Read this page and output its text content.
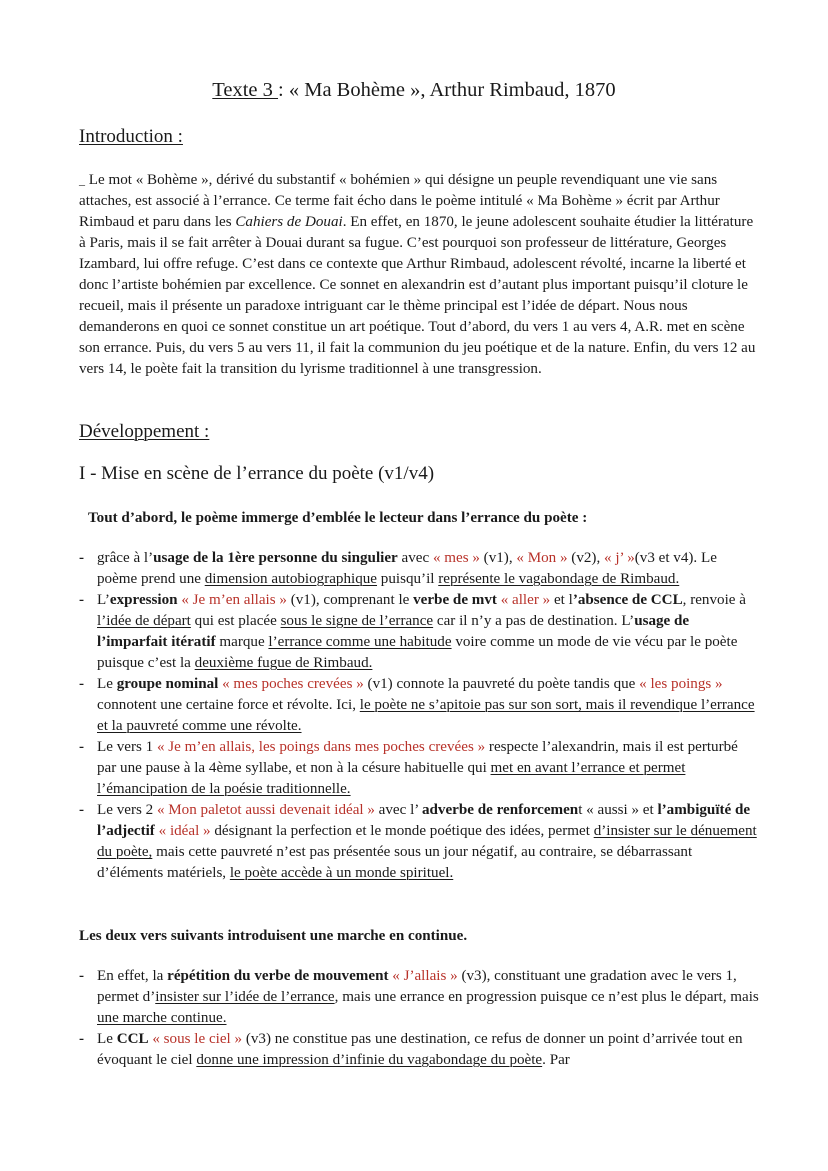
Texte 3 : « Ma Bohème », Arthur Rimbaud, 1870
Introduction :
_ Le mot « Bohème », dérivé du substantif « bohémien » qui désigne un peuple revendiquant une vie sans attaches, est associé à l’errance. Ce terme fait écho dans le poème intitulé « Ma Bohème » écrit par Arthur Rimbaud et paru dans les Cahiers de Douai. En effet, en 1870, le jeune adolescent souhaite étudier la littérature à Paris, mais il se fait arrêter à Douai durant sa fugue. C’est pourquoi son professeur de littérature, Georges Izambard, lui offre refuge. C’est dans ce contexte que Arthur Rimbaud, adolescent révolté, incarne la liberté et donc l’artiste bohémien par excellence. Ce sonnet en alexandrin est d’autant plus important puisqu’il cloture le recueil, mais il présente un paradoxe intriguant car le thème principal est l’idée de départ. Nous nous demanderons en quoi ce sonnet constitue un art poétique. Tout d’abord, du vers 1 au vers 4, A.R. met en scène son errance. Puis, du vers 5 au vers 11, il fait la communion du jeu poétique et de la nature. Enfin, du vers 12 au vers 14, le poète fait la transition du lyrisme traditionnel à une transgression.
Développement :
I - Mise en scène de l’errance du poète (v1/v4)
Tout d’abord, le poème immerge d’emblée le lecteur dans l’errance du poète :
- grâce à l’usage de la 1ère personne du singulier avec « mes » (v1), « Mon » (v2), « j’ »(v3 et v4). Le poème prend une dimension autobiographique puisqu’il représente le vagabondage de Rimbaud.
- L’expression « Je m’en allais » (v1), comprenant le verbe de mvt « aller » et l’absence de CCL, renvoie à l’idée de départ qui est placée sous le signe de l’errance car il n’y a pas de destination. L’usage de l’imparfait itératif marque l’errance comme une habitude voire comme un mode de vie vécu par le poète puisque c’est la deuxième fugue de Rimbaud.
- Le groupe nominal « mes poches crevées » (v1) connote la pauvreté du poète tandis que « les poings » connotent une certaine force et révolte. Ici, le poète ne s’apitoie pas sur son sort, mais il revendique l’errance et la pauvreté comme une révolte.
- Le vers 1 « Je m’en allais, les poings dans mes poches crevées » respecte l’alexandrin, mais il est perturbé par une pause à la 4ème syllabe, et non à la césure habituelle qui met en avant l’errance et permet l’émancipation de la poésie traditionnelle.
- Le vers 2 « Mon paletot aussi devenait idéal » avec l’ adverbe de renforcement « aussi » et l’ambiguïté de l’adjectif « idéal » désignant la perfection et le monde poétique des idées, permet d’insister sur le dénuement du poète, mais cette pauvreté n’est pas présentée sous un jour négatif, au contraire, se débarrassant d’éléments matériels, le poète accède à un monde spirituel.
Les deux vers suivants introduisent une marche en continue.
- En effet, la répétition du verbe de mouvement « J’allais » (v3), constituant une gradation avec le vers 1, permet d’insister sur l’idée de l’errance, mais une errance en progression puisque ce n’est plus le départ, mais une marche continue.
- Le CCL « sous le ciel » (v3) ne constitue pas une destination, ce refus de donner un point d’arrivée tout en évoquant le ciel donne une impression d’infinie du vagabondage du poète. Par
